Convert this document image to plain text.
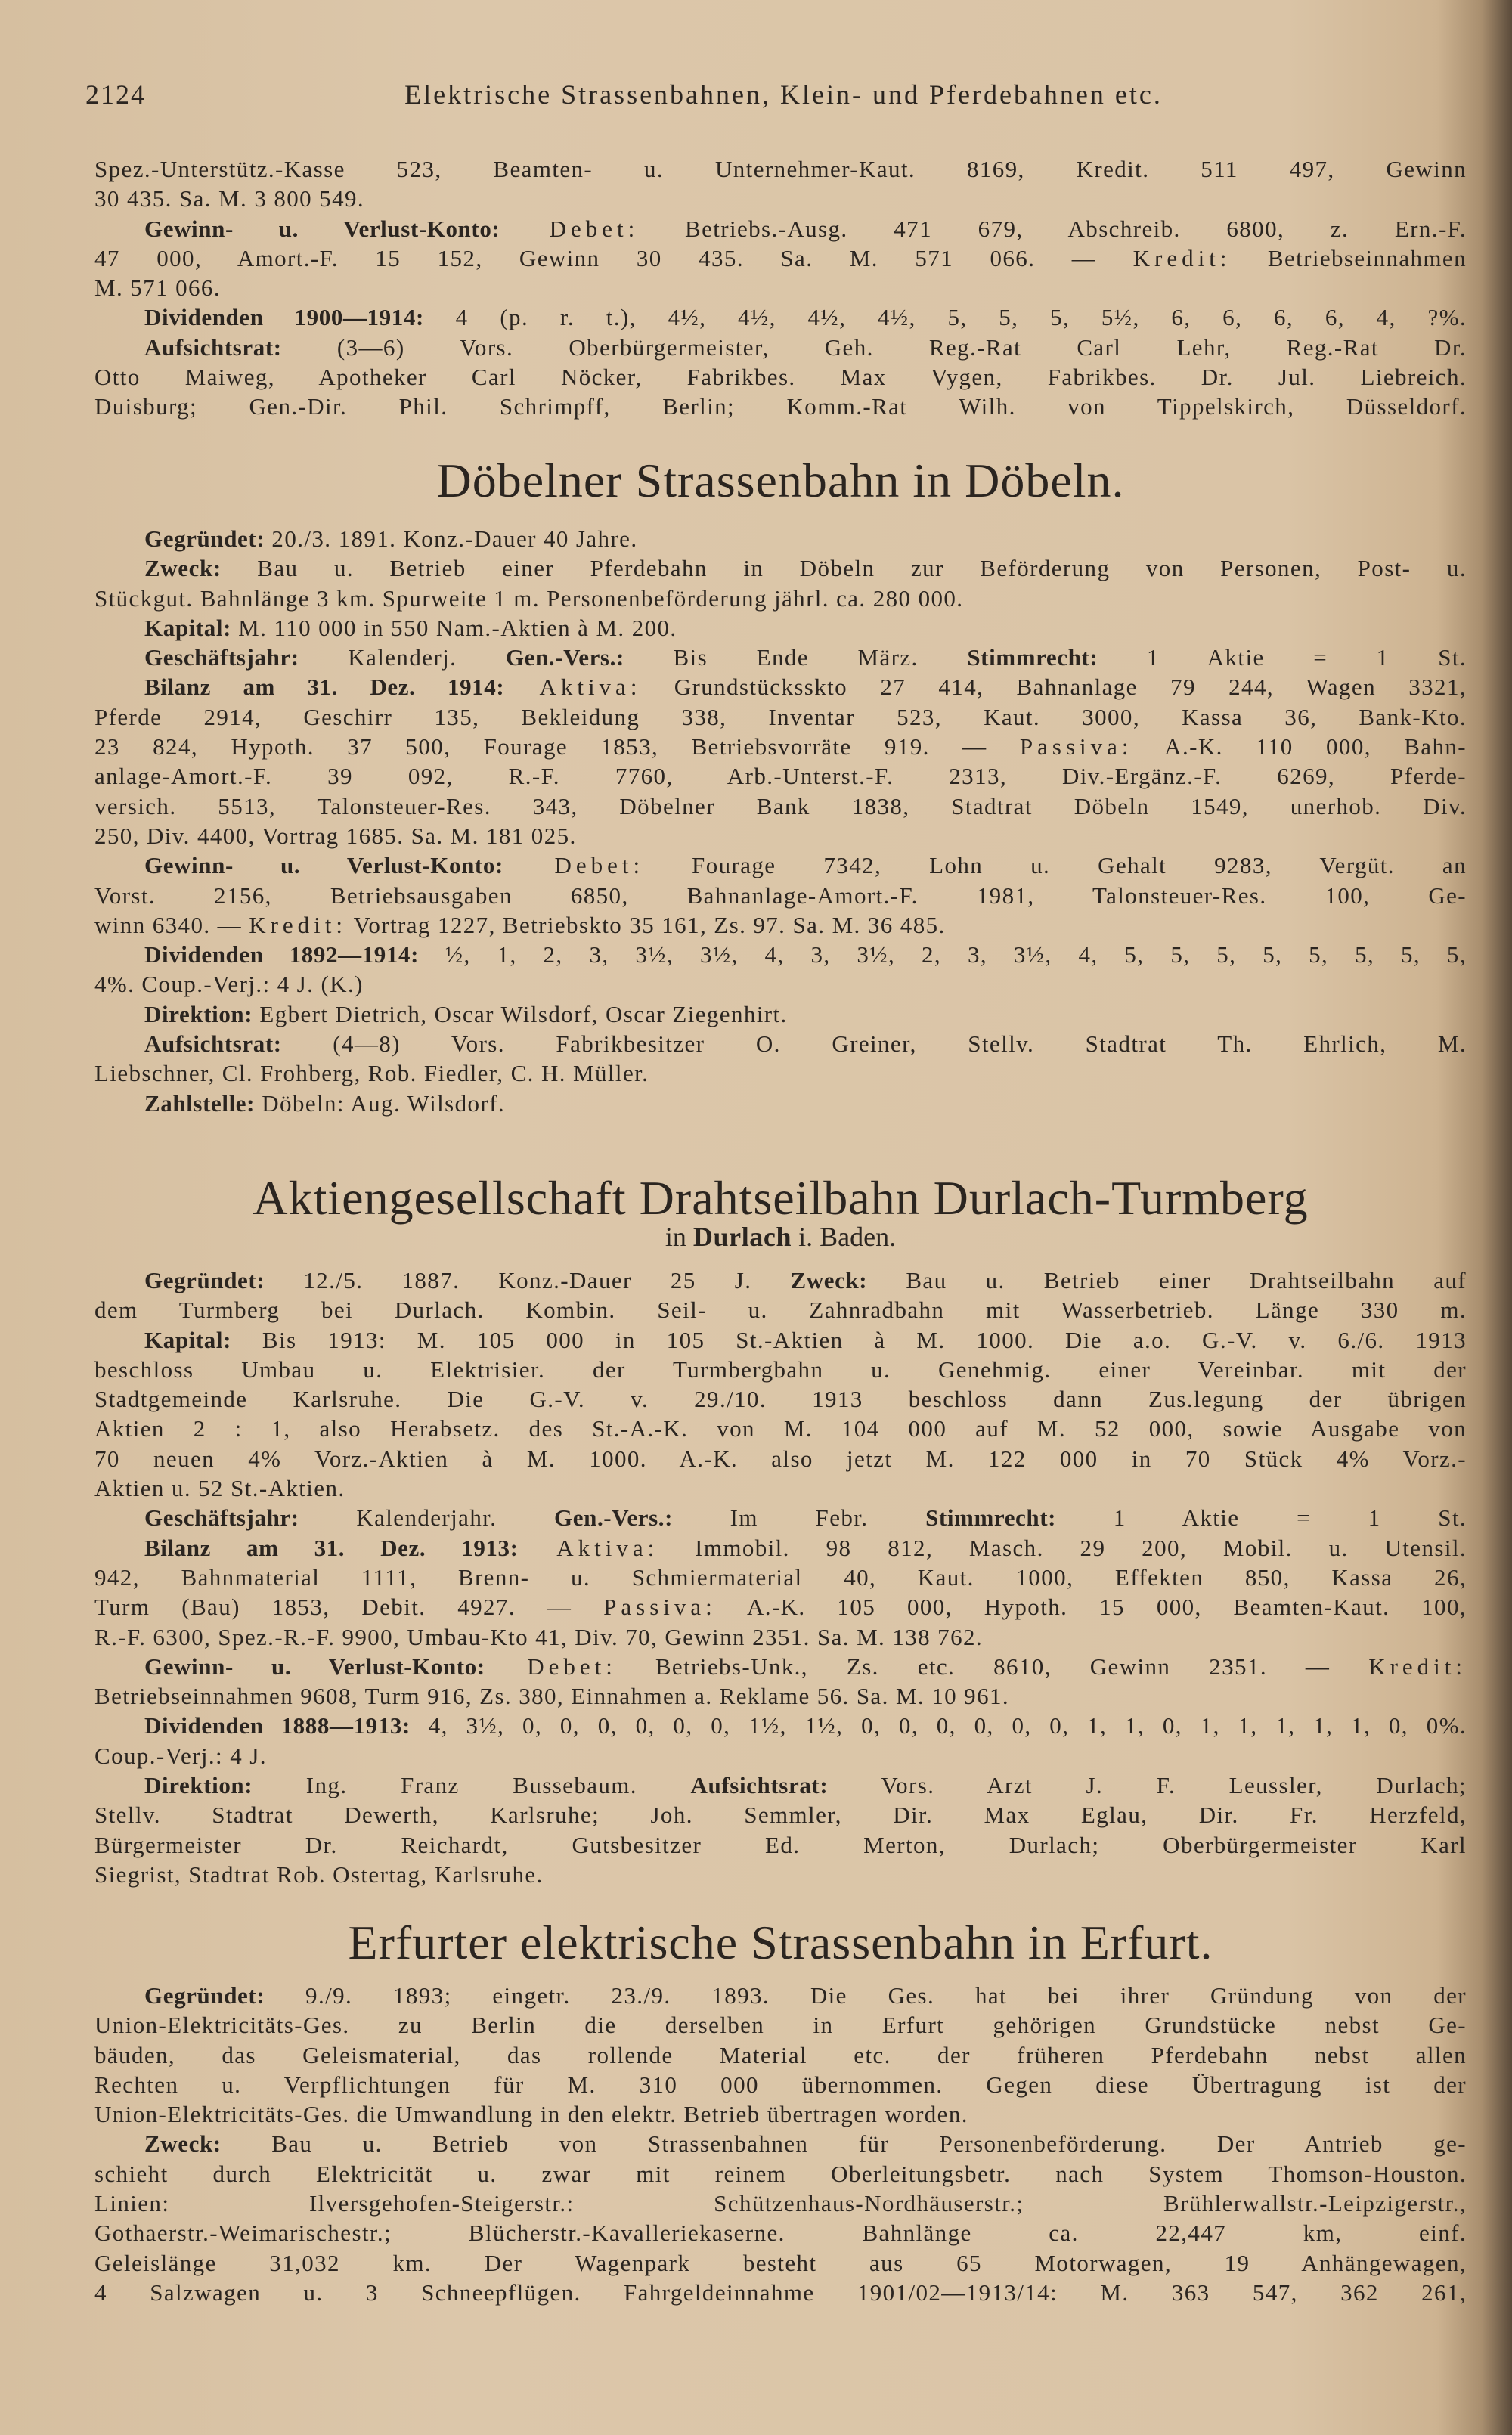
2124	Elektrische Strassenbahnen, Klein- und Pferdebahnen etc.
Spez.-Unterstütz.-Kasse 523, Beamten- u. Unternehmer-Kaut. 8169, Kredit. 511 497, Gewinn
30 435. Sa. M. 3 800 549.
Gewinn- u. Verlust-Konto: Debet: Betriebs.-Ausg. 471 679, Abschreib. 6800, z. Ern.-F.
47 000, Amort.-F. 15 152, Gewinn 30 435. Sa. M. 571 066. — Kredit: Betriebseinnahmen
M. 571 066.
Dividenden 1900—1914: 4 (p. r. t.), 4½, 4½, 4½, 4½, 5, 5, 5, 5½, 6, 6, 6, 6, 4, ?%.
Aufsichtsrat: (3—6) Vors. Oberbürgermeister, Geh. Reg.-Rat Carl Lehr, Reg.-Rat Dr.
Otto Maiweg, Apotheker Carl Nöcker, Fabrikbes. Max Vygen, Fabrikbes. Dr. Jul. Liebreich.
Duisburg; Gen.-Dir. Phil. Schrimpff, Berlin; Komm.-Rat Wilh. von Tippelskirch, Düsseldorf.
Döbelner Strassenbahn in Döbeln.
Gegründet: 20./3. 1891. Konz.-Dauer 40 Jahre.
Zweck: Bau u. Betrieb einer Pferdebahn in Döbeln zur Beförderung von Personen, Post- u.
Stückgut. Bahnlänge 3 km. Spurweite 1 m. Personenbeförderung jährl. ca. 280 000.
Kapital: M. 110 000 in 550 Nam.-Aktien à M. 200.
Geschäftsjahr: Kalenderj. Gen.-Vers.: Bis Ende März. Stimmrecht: 1 Aktie = 1 St.
Bilanz am 31. Dez. 1914: Aktiva: Grundstücksskto 27 414, Bahnanlage 79 244, Wagen 3321,
Pferde 2914, Geschirr 135, Bekleidung 338, Inventar 523, Kaut. 3000, Kassa 36, Bank-Kto.
23 824, Hypoth. 37 500, Fourage 1853, Betriebsvorräte 919. — Passiva: A.-K. 110 000, Bahn-
anlage-Amort.-F. 39 092, R.-F. 7760, Arb.-Unterst.-F. 2313, Div.-Ergänz.-F. 6269, Pferde-
versich. 5513, Talonsteuer-Res. 343, Döbelner Bank 1838, Stadtrat Döbeln 1549, unerhob. Div.
250, Div. 4400, Vortrag 1685. Sa. M. 181 025.
Gewinn- u. Verlust-Konto: Debet: Fourage 7342, Lohn u. Gehalt 9283, Vergüt. an
Vorst. 2156, Betriebsausgaben 6850, Bahnanlage-Amort.-F. 1981, Talonsteuer-Res. 100, Ge-
winn 6340. — Kredit: Vortrag 1227, Betriebskto 35 161, Zs. 97. Sa. M. 36 485.
Dividenden 1892—1914: ½, 1, 2, 3, 3½, 3½, 4, 3, 3½, 2, 3, 3½, 4, 5, 5, 5, 5, 5, 5, 5, 5,
4%. Coup.-Verj.: 4 J. (K.)
Direktion: Egbert Dietrich, Oscar Wilsdorf, Oscar Ziegenhirt.
Aufsichtsrat: (4—8) Vors. Fabrikbesitzer O. Greiner, Stellv. Stadtrat Th. Ehrlich, M.
Liebschner, Cl. Frohberg, Rob. Fiedler, C. H. Müller.
Zahlstelle: Döbeln: Aug. Wilsdorf.
Aktiengesellschaft Drahtseilbahn Durlach-Turmberg
in Durlach i. Baden.
Gegründet: 12./5. 1887. Konz.-Dauer 25 J. Zweck: Bau u. Betrieb einer Drahtseilbahn auf
dem Turmberg bei Durlach. Kombin. Seil- u. Zahnradbahn mit Wasserbetrieb. Länge 330 m.
Kapital: Bis 1913: M. 105 000 in 105 St.-Aktien à M. 1000. Die a.o. G.-V. v. 6./6. 1913
beschloss Umbau u. Elektrisier. der Turmbergbahn u. Genehmig. einer Vereinbar. mit der
Stadtgemeinde Karlsruhe. Die G.-V. v. 29./10. 1913 beschloss dann Zus.legung der übrigen
Aktien 2 : 1, also Herabsetz. des St.-A.-K. von M. 104 000 auf M. 52 000, sowie Ausgabe von
70 neuen 4% Vorz.-Aktien à M. 1000. A.-K. also jetzt M. 122 000 in 70 Stück 4% Vorz.-
Aktien u. 52 St.-Aktien.
Geschäftsjahr: Kalenderjahr. Gen.-Vers.: Im Febr. Stimmrecht: 1 Aktie = 1 St.
Bilanz am 31. Dez. 1913: Aktiva: Immobil. 98 812, Masch. 29 200, Mobil. u. Utensil.
942, Bahnmaterial 1111, Brenn- u. Schmiermaterial 40, Kaut. 1000, Effekten 850, Kassa 26,
Turm (Bau) 1853, Debit. 4927. — Passiva: A.-K. 105 000, Hypoth. 15 000, Beamten-Kaut. 100,
R.-F. 6300, Spez.-R.-F. 9900, Umbau-Kto 41, Div. 70, Gewinn 2351. Sa. M. 138 762.
Gewinn- u. Verlust-Konto: Debet: Betriebs-Unk., Zs. etc. 8610, Gewinn 2351. — Kredit:
Betriebseinnahmen 9608, Turm 916, Zs. 380, Einnahmen a. Reklame 56. Sa. M. 10 961.
Dividenden 1888—1913: 4, 3½, 0, 0, 0, 0, 0, 0, 1½, 1½, 0, 0, 0, 0, 0, 0, 1, 1, 0, 1, 1, 1, 1, 1, 0, 0%.
Coup.-Verj.: 4 J.
Direktion: Ing. Franz Bussebaum. Aufsichtsrat: Vors. Arzt J. F. Leussler, Durlach;
Stellv. Stadtrat Dewerth, Karlsruhe; Joh. Semmler, Dir. Max Eglau, Dir. Fr. Herzfeld,
Bürgermeister Dr. Reichardt, Gutsbesitzer Ed. Merton, Durlach; Oberbürgermeister Karl
Siegrist, Stadtrat Rob. Ostertag, Karlsruhe.
Erfurter elektrische Strassenbahn in Erfurt.
Gegründet: 9./9. 1893; eingetr. 23./9. 1893. Die Ges. hat bei ihrer Gründung von der
Union-Elektricitäts-Ges. zu Berlin die derselben in Erfurt gehörigen Grundstücke nebst Ge-
bäuden, das Geleismaterial, das rollende Material etc. der früheren Pferdebahn nebst allen
Rechten u. Verpflichtungen für M. 310 000 übernommen. Gegen diese Übertragung ist der
Union-Elektricitäts-Ges. die Umwandlung in den elektr. Betrieb übertragen worden.
Zweck: Bau u. Betrieb von Strassenbahnen für Personenbeförderung. Der Antrieb ge-
schieht durch Elektricität u. zwar mit reinem Oberleitungsbetr. nach System Thomson-Houston.
Linien: Ilversgehofen-Steigerstr.: Schützenhaus-Nordhäuserstr.; Brühlerwallstr.-Leipzigerstr.,
Gothaerstr.-Weimarischestr.; Blücherstr.-Kavalleriekaserne. Bahnlänge ca. 22,447 km, einf.
Geleislänge 31,032 km. Der Wagenpark besteht aus 65 Motorwagen, 19 Anhängewagen,
4 Salzwagen u. 3 Schneepflügen. Fahrgeldeinnahme 1901/02—1913/14: M. 363 547, 362 261,
